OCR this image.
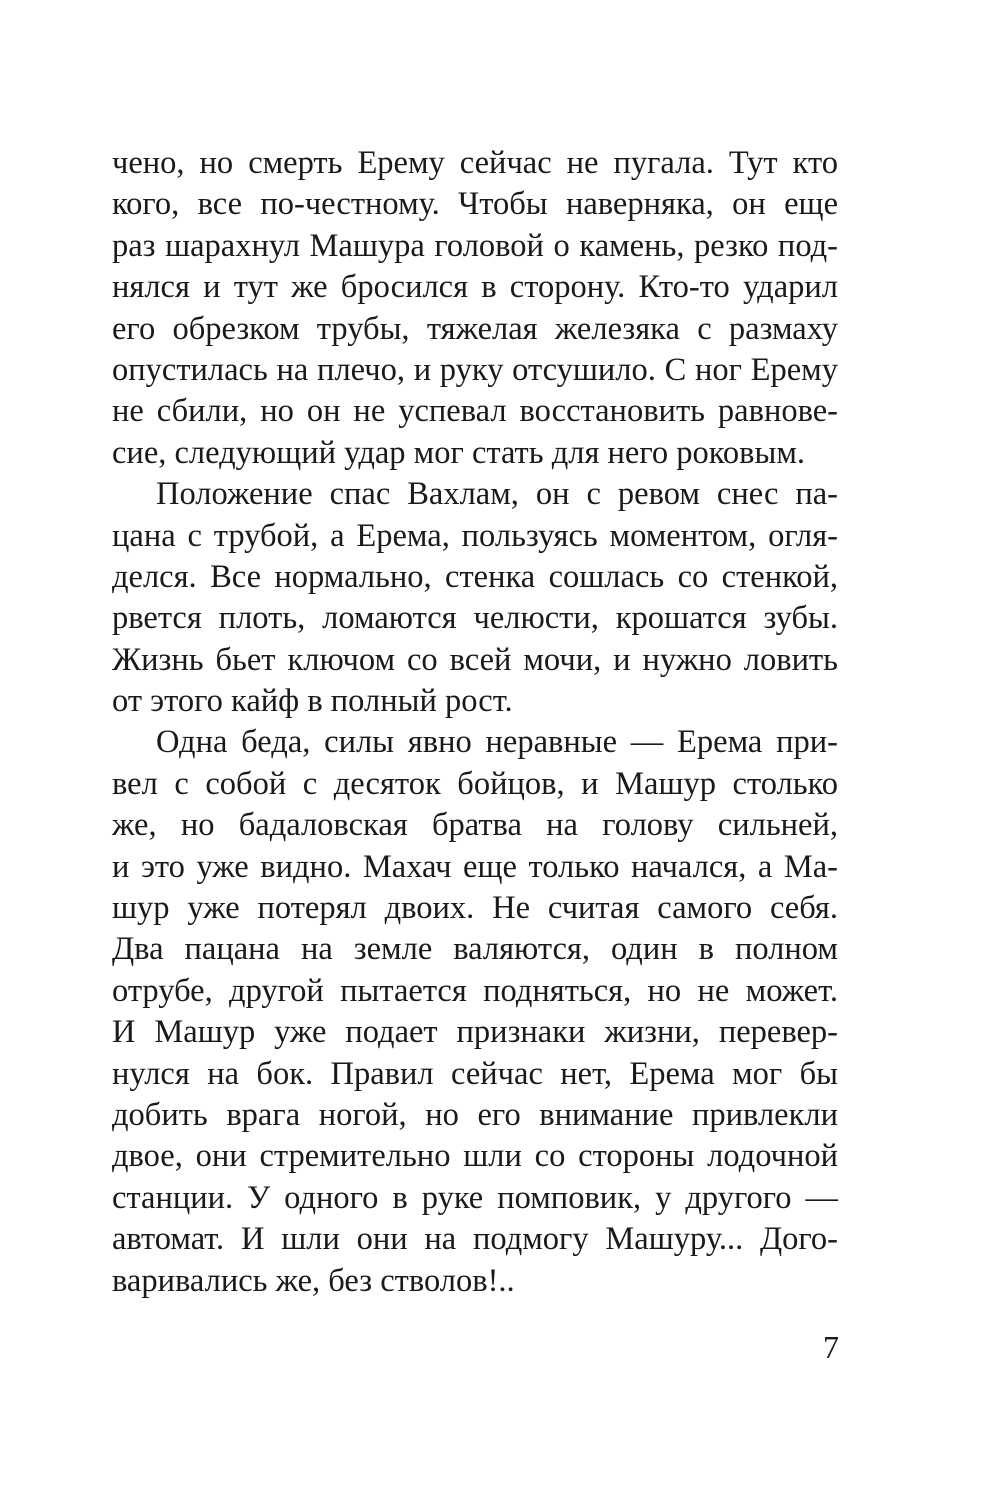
чено, но смерть Ерему сейчас не пугала. Тут кто
кого, все по-честному. Чтобы наверняка, он еще
раз шарахнул Машура головой о камень, резко под-
нялся и тут же бросился в сторону. Кто-то ударил
его обрезком трубы, тяжелая железяка с размаху
опустилась на плечо, и руку отсушило. С ног Ерему
не сбили, но он не успевал восстановить равнове-
сие, следующий удар мог стать для него роковым.
Положение спас Вахлам, он с ревом снес па-
цана с трубой, а Ерема, пользуясь моментом, огля-
делся. Все нормально, стенка сошлась со стенкой,
рвется плоть, ломаются челюсти, крошатся зубы.
Жизнь бьет ключом со всей мочи, и нужно ловить
от этого кайф в полный рост.
Одна беда, силы явно неравные — Ерема при-
вел с собой с десяток бойцов, и Машур столько
же, но бадаловская братва на голову сильней,
и это уже видно. Махач еще только начался, а Ма-
шур уже потерял двоих. Не считая самого себя.
Два пацана на земле валяются, один в полном
отрубе, другой пытается подняться, но не может.
И Машур уже подает признаки жизни, перевер-
нулся на бок. Правил сейчас нет, Ерема мог бы
добить врага ногой, но его внимание привлекли
двое, они стремительно шли со стороны лодочной
станции. У одного в руке помповик, у другого —
автомат. И шли они на подмогу Машуру... Дого-
варивались же, без стволов!..
7
